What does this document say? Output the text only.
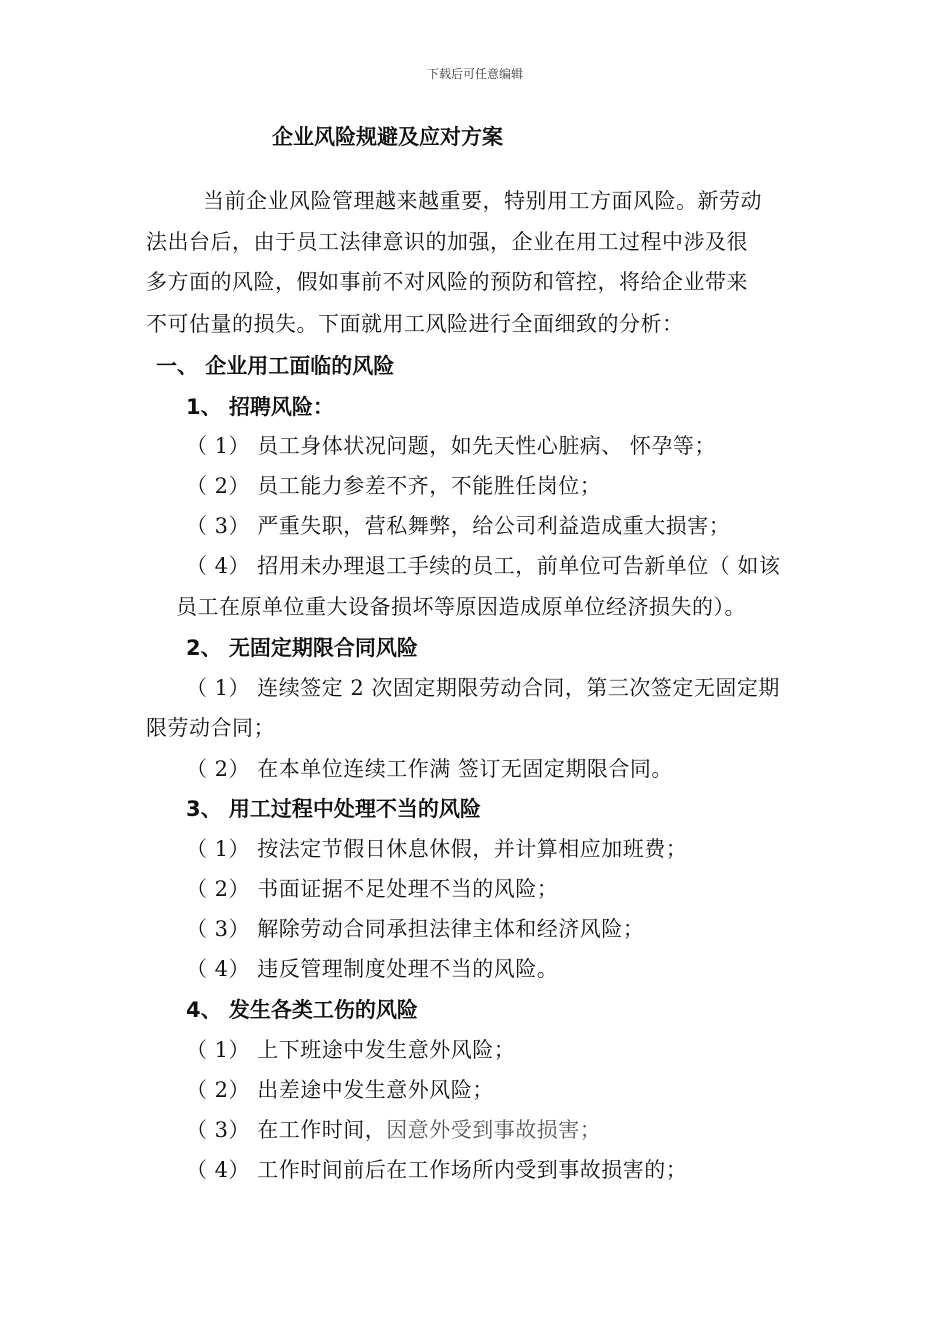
下载后可任意编辑
企业风险规避及应对方案
当前企业风险管理越来越重要，特别用工方面风险。新劳动
法出台后，由于员工法律意识的加强，企业在用工过程中涉及很
多方面的风险，假如事前不对风险的预防和管控，将给企业带来
不可估量的损失。下面就用工风险进行全面细致的分析：
一、 企业用工面临的风险
1、 招聘风险：
（ 1） 员工身体状况问题，如先天性心脏病、 怀孕等；
（ 2） 员工能力参差不齐，不能胜任岗位；
（ 3） 严重失职，营私舞弊，给公司利益造成重大损害；
（ 4） 招用未办理退工手续的员工，前单位可告新单位（ 如该
员工在原单位重大设备损坏等原因造成原单位经济损失的）。
2、 无固定期限合同风险
（ 1） 连续签定 2 次固定期限劳动合同，第三次签定无固定期
限劳动合同；
（ 2） 在本单位连续工作满 签订无固定期限合同。
3、 用工过程中处理不当的风险
（ 1） 按法定节假日休息休假，并计算相应加班费；
（ 2） 书面证据不足处理不当的风险；
（ 3） 解除劳动合同承担法律主体和经济风险；
（ 4） 违反管理制度处理不当的风险。
4、 发生各类工伤的风险
（ 1） 上下班途中发生意外风险；
（ 2） 出差途中发生意外风险；
（ 3） 在工作时间，因意外受到事故损害；
（ 4） 工作时间前后在工作场所内受到事故损害的；
